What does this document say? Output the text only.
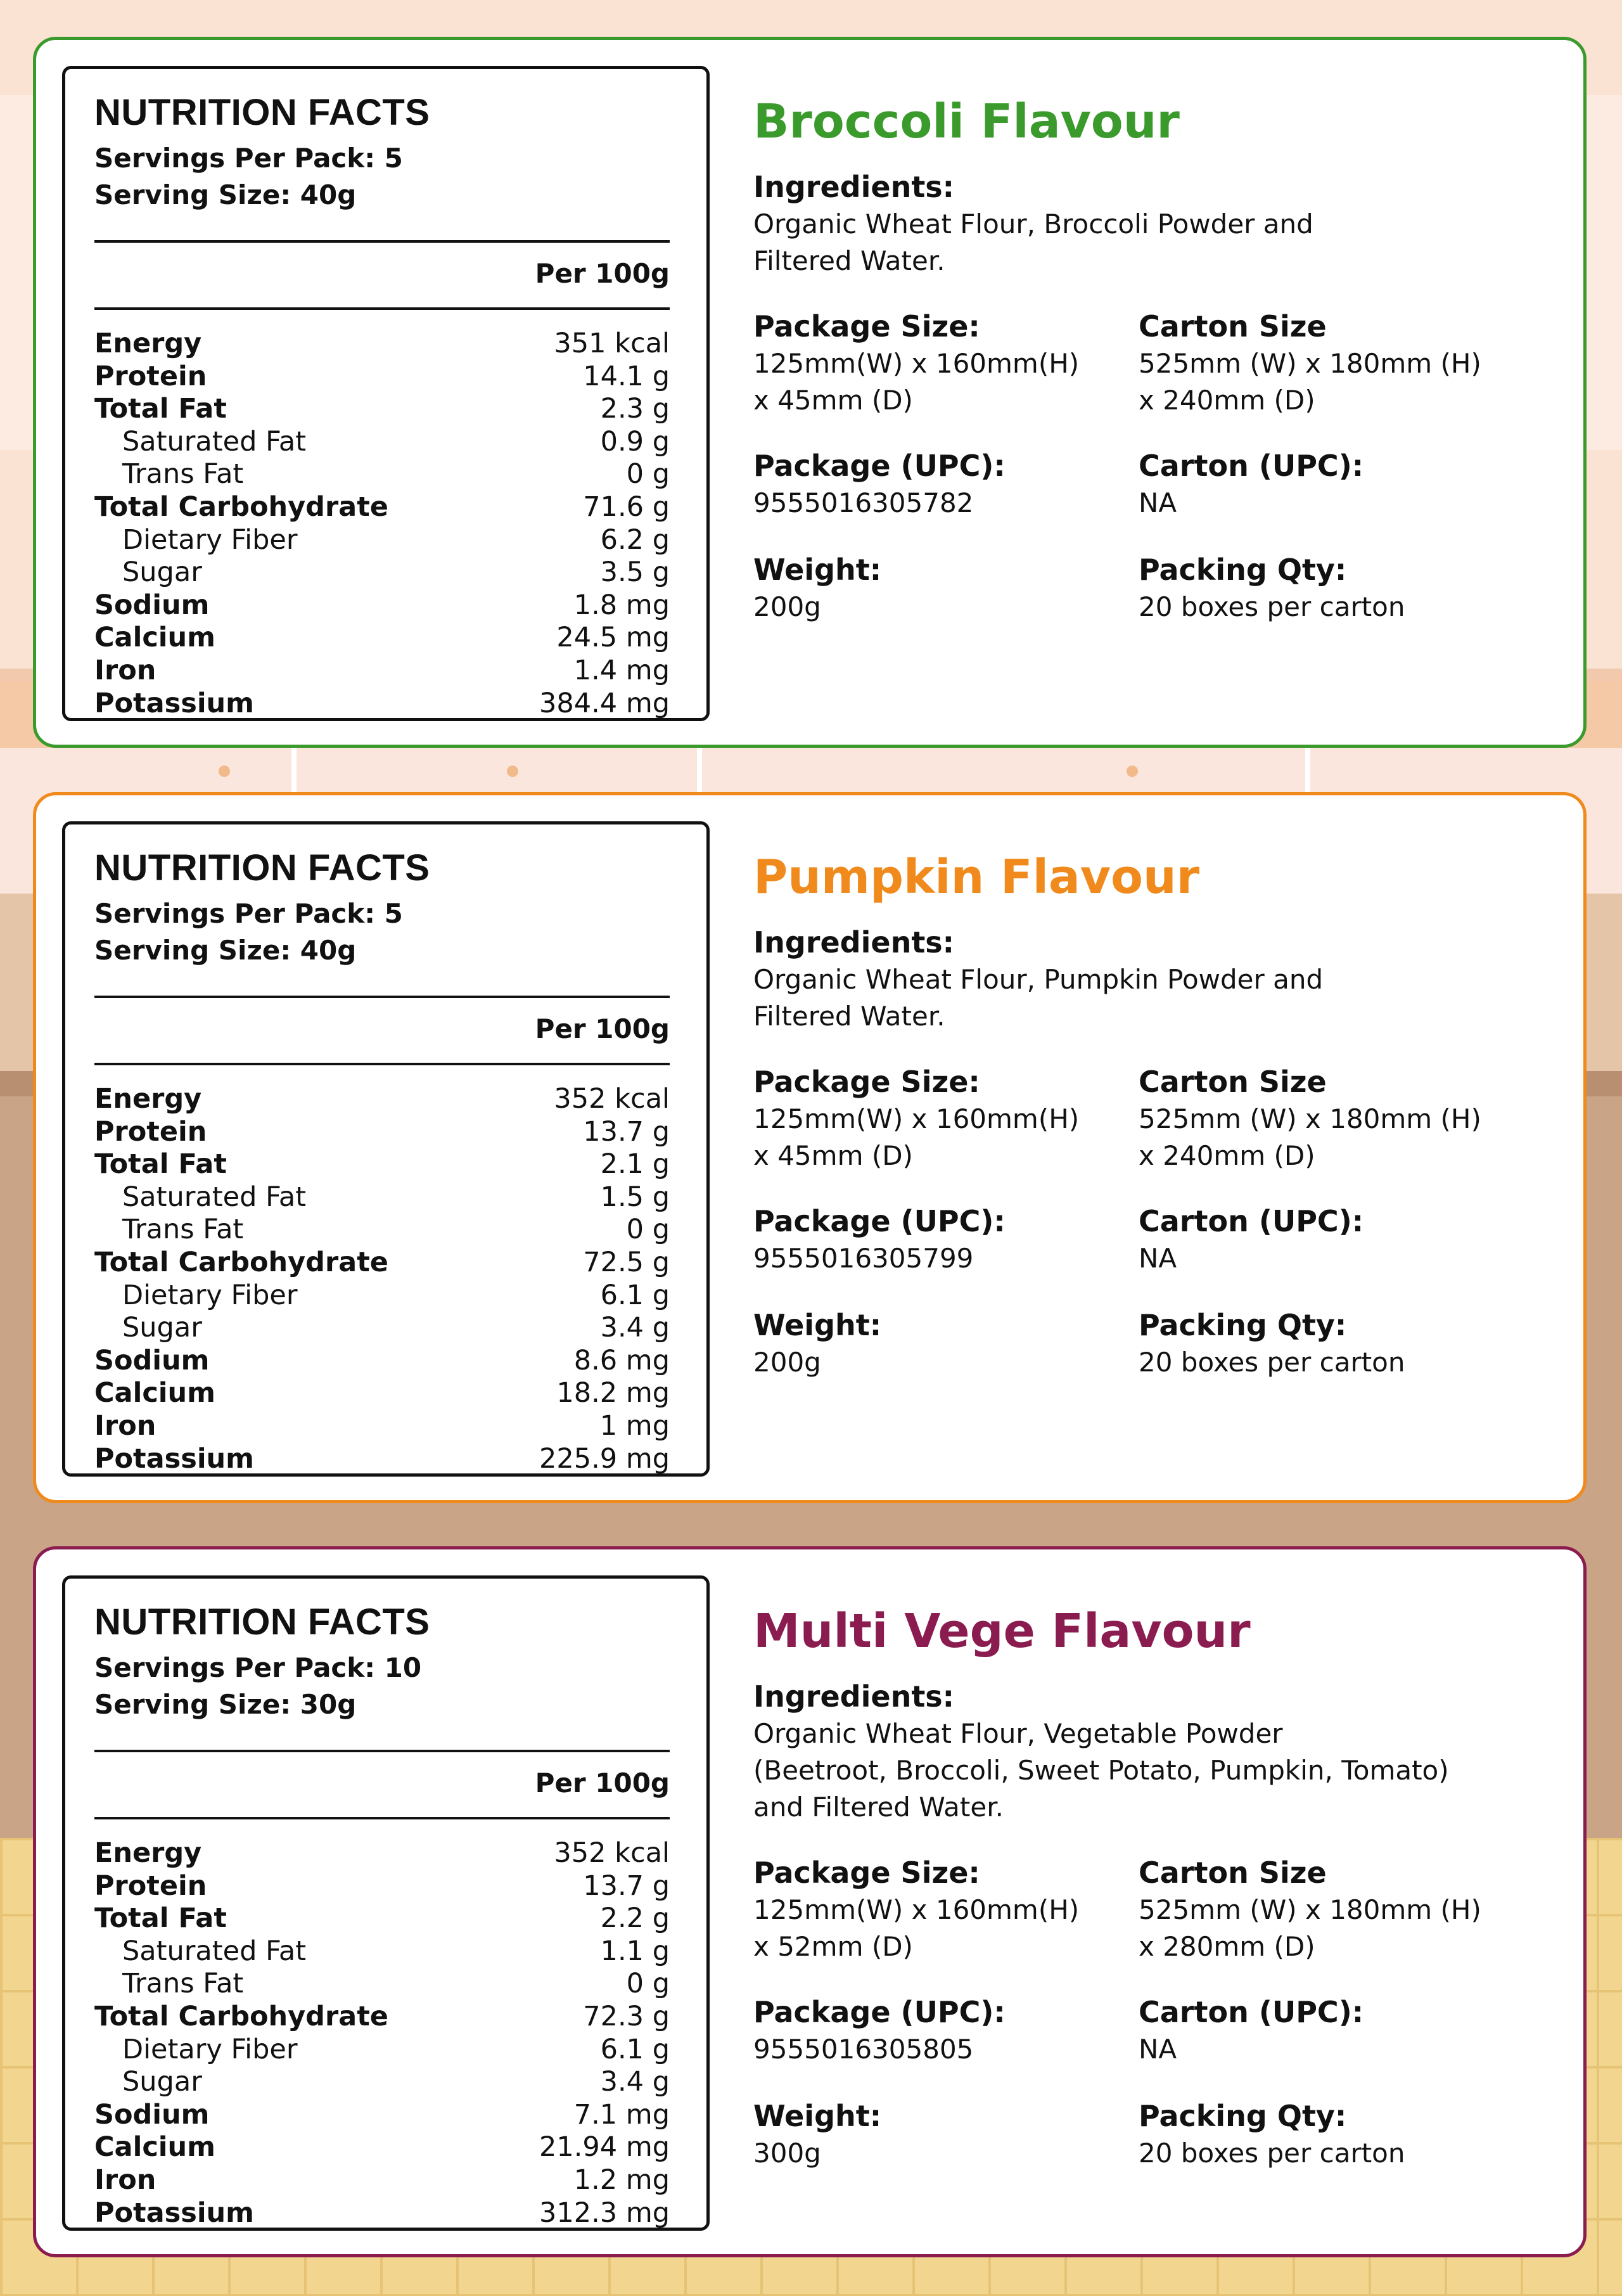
NUTRITION FACTS
Servings Per Pack: 5
Serving Size: 40g
Per 100g
Energy	351 kcal
Protein	14.1 g
Total Fat	2.3 g
Saturated Fat	0.9 g
Trans Fat	0 g
Total Carbohydrate	71.6 g
Dietary Fiber	6.2 g
Sugar	3.5 g
Sodium	1.8 mg
Calcium	24.5 mg
Iron	1.4 mg
Potassium	384.4 mg
Broccoli Flavour
Ingredients:
Organic Wheat Flour, Broccoli Powder and
Filtered Water.
Package Size:
125mm(W) x 160mm(H)
x 45mm (D)
Carton Size
525mm (W) x 180mm (H)
x 240mm (D)
Package (UPC):
9555016305782
Carton (UPC):
NA
Weight:
200g
Packing Qty:
20 boxes per carton
NUTRITION FACTS
Servings Per Pack: 5
Serving Size: 40g
Per 100g
Energy	352 kcal
Protein	13.7 g
Total Fat	2.1 g
Saturated Fat	1.5 g
Trans Fat	0 g
Total Carbohydrate	72.5 g
Dietary Fiber	6.1 g
Sugar	3.4 g
Sodium	8.6 mg
Calcium	18.2 mg
Iron	1 mg
Potassium	225.9 mg
Pumpkin Flavour
Ingredients:
Organic Wheat Flour, Pumpkin Powder and
Filtered Water.
Package Size:
125mm(W) x 160mm(H)
x 45mm (D)
Carton Size
525mm (W) x 180mm (H)
x 240mm (D)
Package (UPC):
9555016305799
Carton (UPC):
NA
Weight:
200g
Packing Qty:
20 boxes per carton
NUTRITION FACTS
Servings Per Pack: 10
Serving Size: 30g
Per 100g
Energy	352 kcal
Protein	13.7 g
Total Fat	2.2 g
Saturated Fat	1.1 g
Trans Fat	0 g
Total Carbohydrate	72.3 g
Dietary Fiber	6.1 g
Sugar	3.4 g
Sodium	7.1 mg
Calcium	21.94 mg
Iron	1.2 mg
Potassium	312.3 mg
Multi Vege Flavour
Ingredients:
Organic Wheat Flour, Vegetable Powder
(Beetroot, Broccoli, Sweet Potato, Pumpkin, Tomato)
and Filtered Water.
Package Size:
125mm(W) x 160mm(H)
x 52mm (D)
Carton Size
525mm (W) x 180mm (H)
x 280mm (D)
Package (UPC):
9555016305805
Carton (UPC):
NA
Weight:
300g
Packing Qty:
20 boxes per carton
